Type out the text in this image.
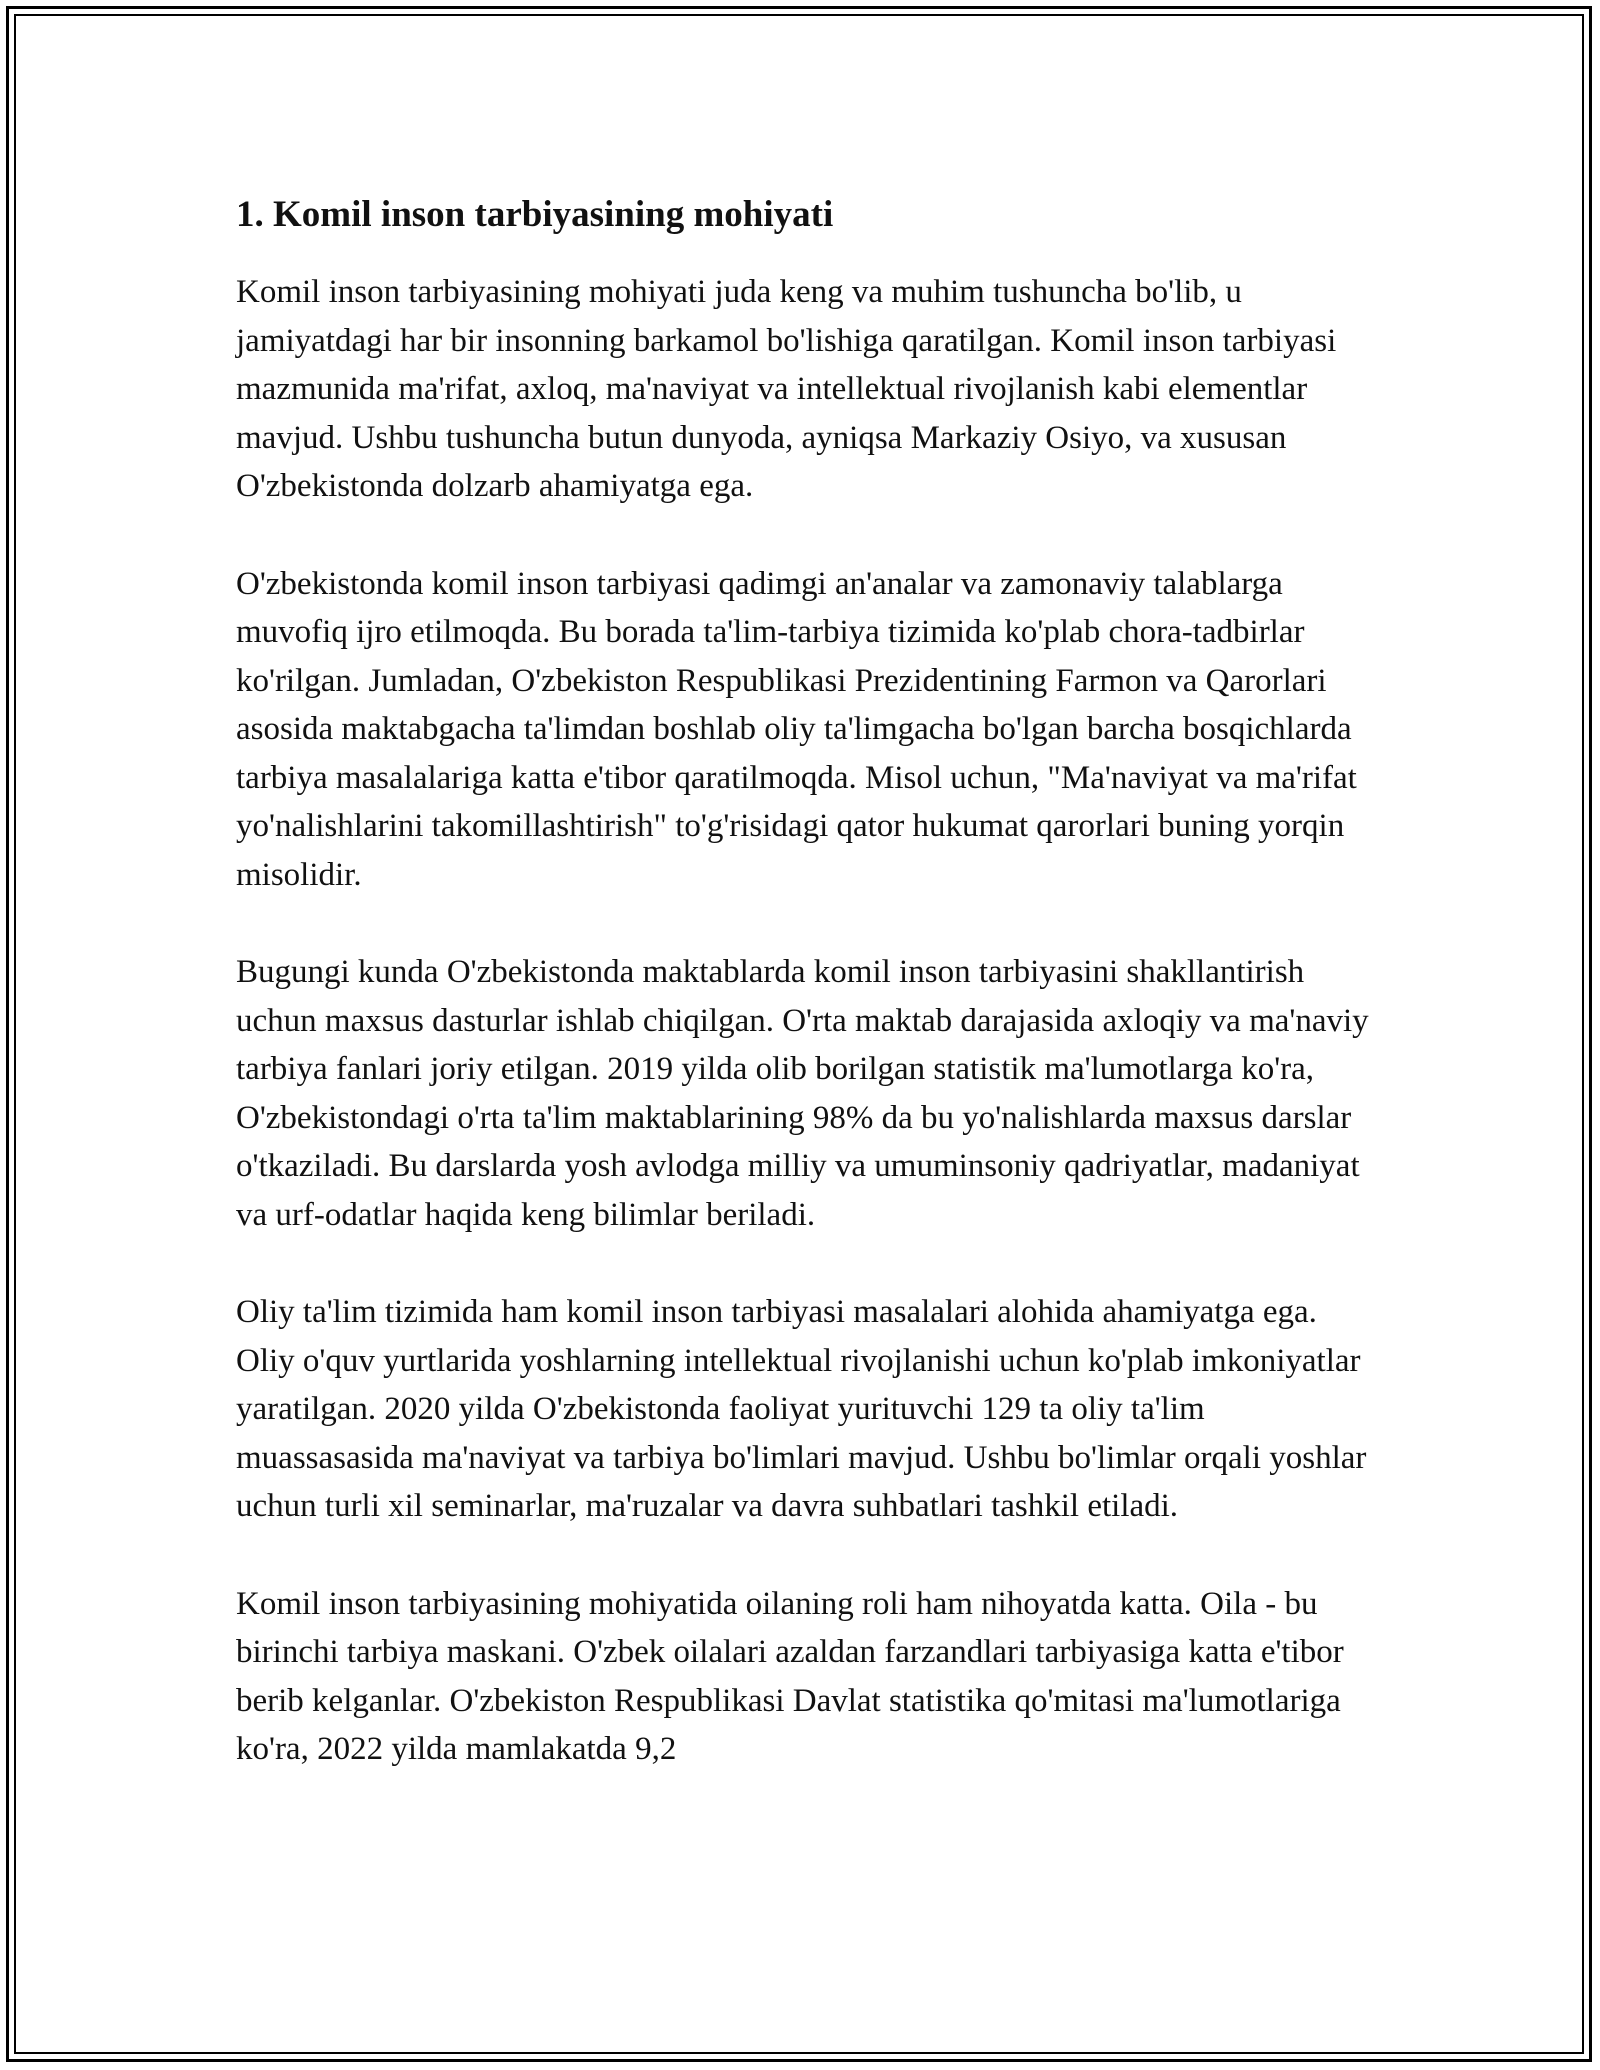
1. Komil inson tarbiyasining mohiyati

Komil inson tarbiyasining mohiyati juda keng va muhim tushuncha bo'lib, u jamiyatdagi har bir insonning barkamol bo'lishiga qaratilgan. Komil inson tarbiyasi mazmunida ma'rifat, axloq, ma'naviyat va intellektual rivojlanish kabi elementlar mavjud. Ushbu tushuncha butun dunyoda, ayniqsa Markaziy Osiyo, va xususan O'zbekistonda dolzarb ahamiyatga ega.

O'zbekistonda komil inson tarbiyasi qadimgi an'analar va zamonaviy talablarga muvofiq ijro etilmoqda. Bu borada ta'lim-tarbiya tizimida ko'plab chora-tadbirlar ko'rilgan. Jumladan, O'zbekiston Respublikasi Prezidentining Farmon va Qarorlari asosida maktabgacha ta'limdan boshlab oliy ta'limgacha bo'lgan barcha bosqichlarda tarbiya masalalariga katta e'tibor qaratilmoqda. Misol uchun, "Ma'naviyat va ma'rifat yo'nalishlarini takomillashtirish" to'g'risidagi qator hukumat qarorlari buning yorqin misolidir.

Bugungi kunda O'zbekistonda maktablarda komil inson tarbiyasini shakllantirish uchun maxsus dasturlar ishlab chiqilgan. O'rta maktab darajasida axloqiy va ma'naviy tarbiya fanlari joriy etilgan. 2019 yilda olib borilgan statistik ma'lumotlarga ko'ra, O'zbekistondagi o'rta ta'lim maktablarining 98% da bu yo'nalishlarda maxsus darslar o'tkaziladi. Bu darslarda yosh avlodga milliy va umuminsoniy qadriyatlar, madaniyat va urf-odatlar haqida keng bilimlar beriladi.

Oliy ta'lim tizimida ham komil inson tarbiyasi masalalari alohida ahamiyatga ega. Oliy o'quv yurtlarida yoshlarning intellektual rivojlanishi uchun ko'plab imkoniyatlar yaratilgan. 2020 yilda O'zbekistonda faoliyat yurituvchi 129 ta oliy ta'lim muassasasida ma'naviyat va tarbiya bo'limlari mavjud. Ushbu bo'limlar orqali yoshlar uchun turli xil seminarlar, ma'ruzalar va davra suhbatlari tashkil etiladi.

Komil inson tarbiyasining mohiyatida oilaning roli ham nihoyatda katta. Oila - bu birinchi tarbiya maskani. O'zbek oilalari azaldan farzandlari tarbiyasiga katta e'tibor berib kelganlar. O'zbekiston Respublikasi Davlat statistika qo'mitasi ma'lumotlariga ko'ra, 2022 yilda mamlakatda 9,2
